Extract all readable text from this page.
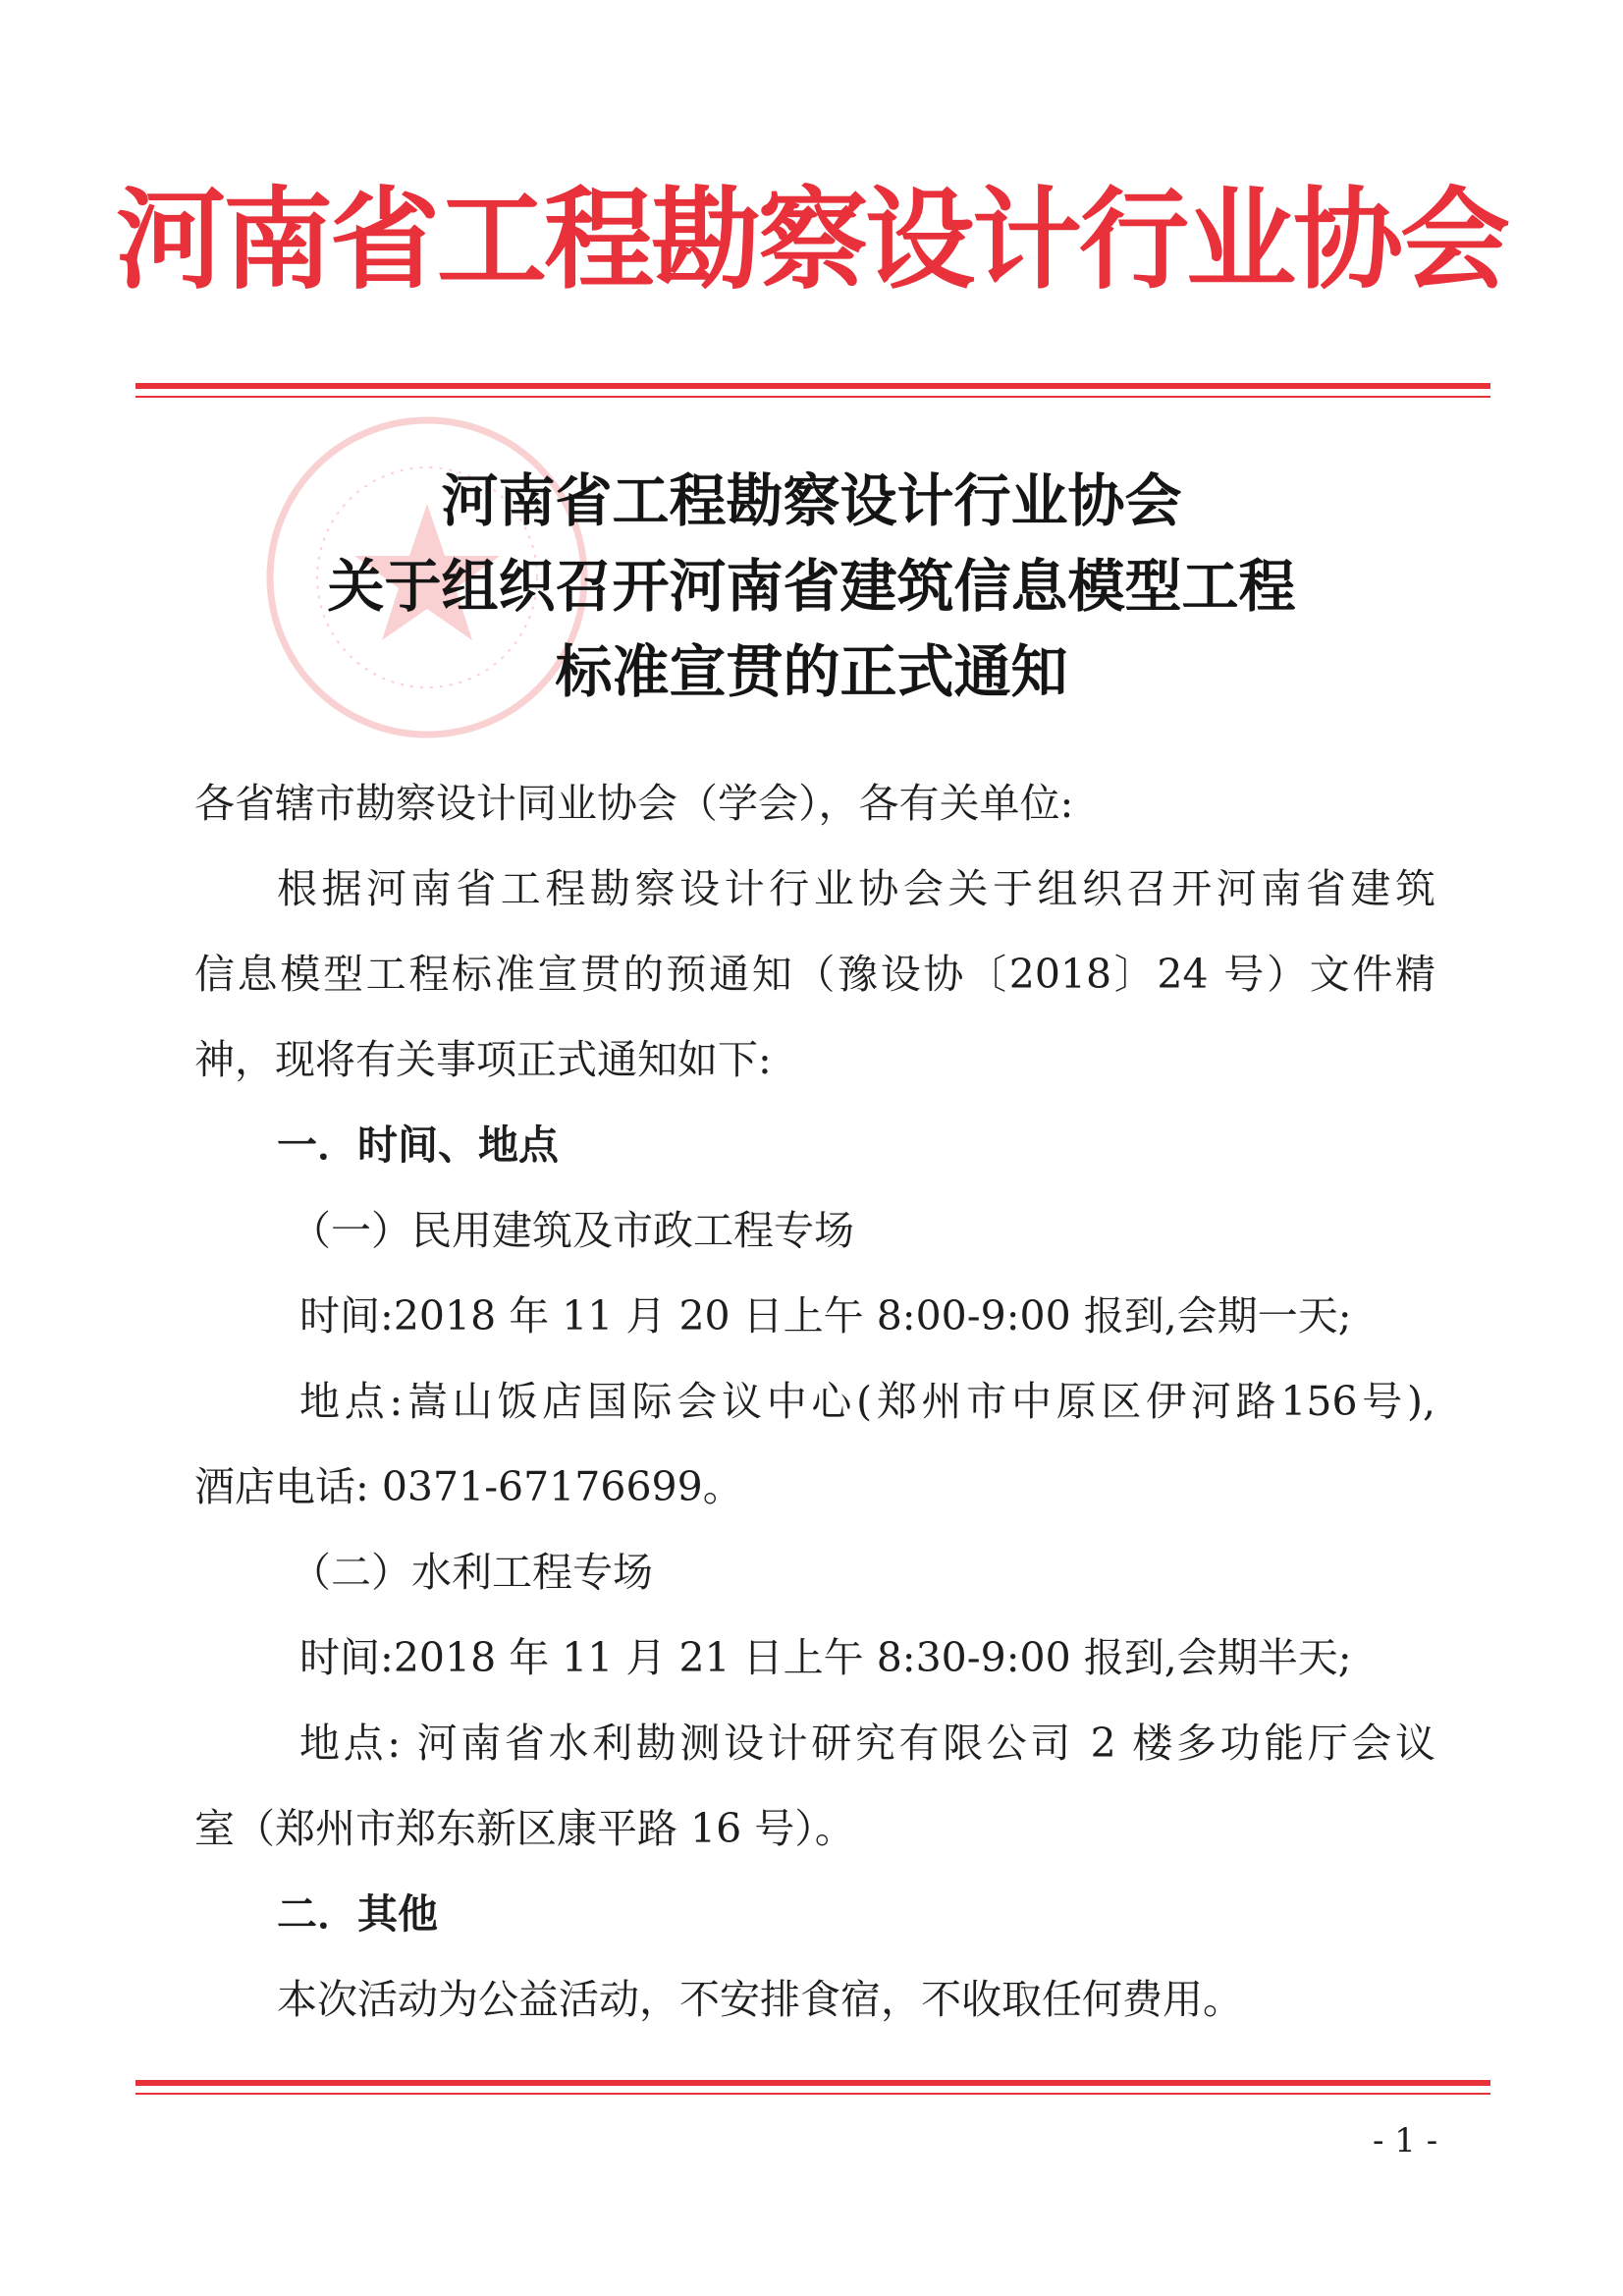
河南省工程勘察设计行业协会
河南省工程勘察设计行业协会
关于组织召开河南省建筑信息模型工程
标准宣贯的正式通知
各省辖市勘察设计同业协会（学会），各有关单位:
根据河南省工程勘察设计行业协会关于组织召开河南省建筑
信息模型工程标准宣贯的预通知（豫设协〔2018〕24 号）文件精
神，现将有关事项正式通知如下:
一．时间、地点
（一）民用建筑及市政工程专场
时间:2018 年 11 月 20 日上午 8:00-9:00 报到,会期一天;
地点:嵩山饭店国际会议中心(郑州市中原区伊河路156号),
酒店电话: 0371-67176699。
（二）水利工程专场
时间:2018 年 11 月 21 日上午 8:30-9:00 报到,会期半天;
地点: 河南省水利勘测设计研究有限公司 2 楼多功能厅会议
室（郑州市郑东新区康平路 16 号）。
二．其他
本次活动为公益活动，不安排食宿，不收取任何费用。
- 1 -
